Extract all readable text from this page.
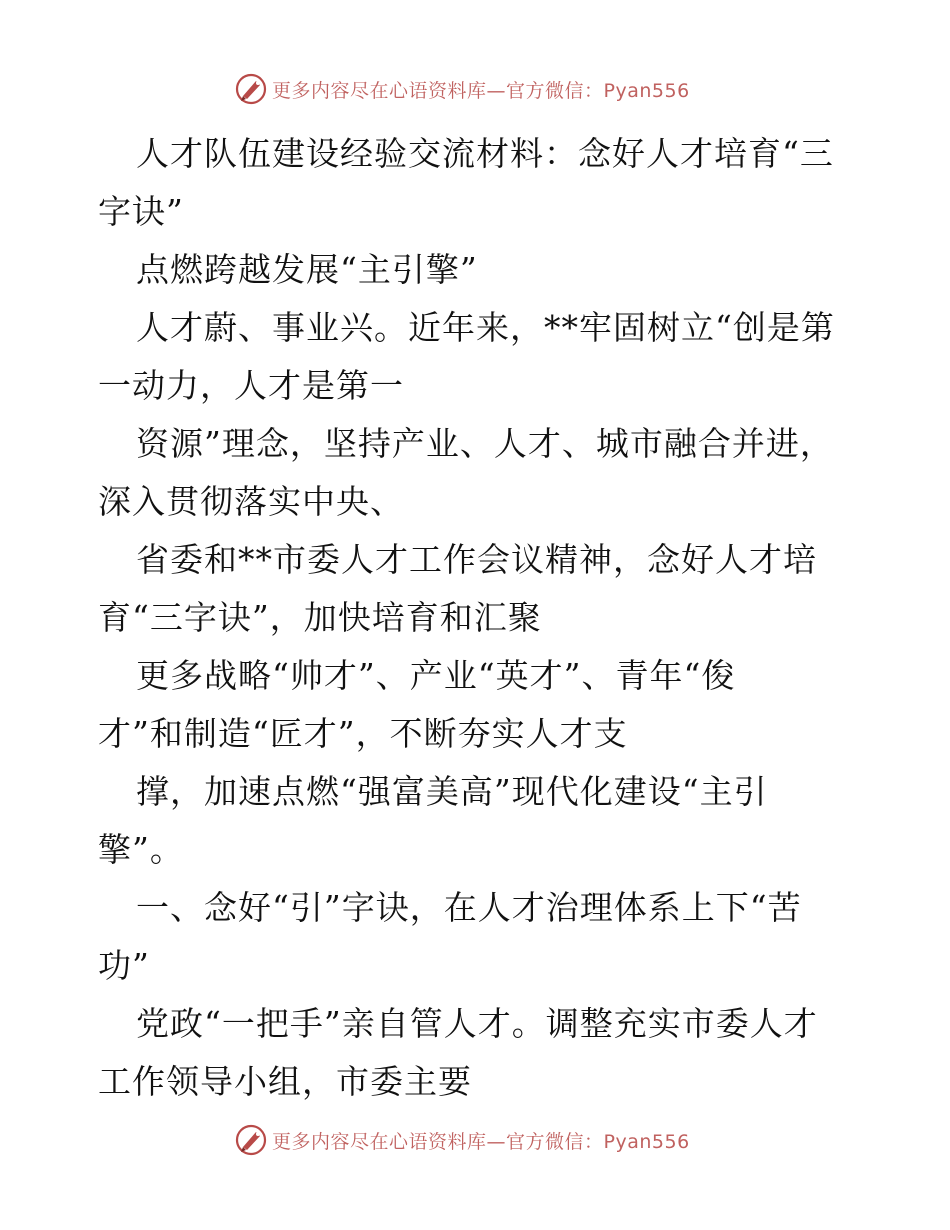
更多内容尽在心语资料库—官方微信：Pyan556
人才队伍建设经验交流材料：念好人才培育“三
字诀”
点燃跨越发展“主引擎”
人才蔚、事业兴。近年来，**牢固树立“创是第
一动力，人才是第一
资源”理念，坚持产业、人才、城市融合并进，
深入贯彻落实中央、
省委和**市委人才工作会议精神，念好人才培
育“三字诀”，加快培育和汇聚
更多战略“帅才”、产业“英才”、青年“俊
才”和制造“匠才”，不断夯实人才支
撑，加速点燃“强富美高”现代化建设“主引
擎”。
一、念好“引”字诀，在人才治理体系上下“苦
功”
党政“一把手”亲自管人才。调整充实市委人才
工作领导小组，市委主要
更多内容尽在心语资料库—官方微信：Pyan556
